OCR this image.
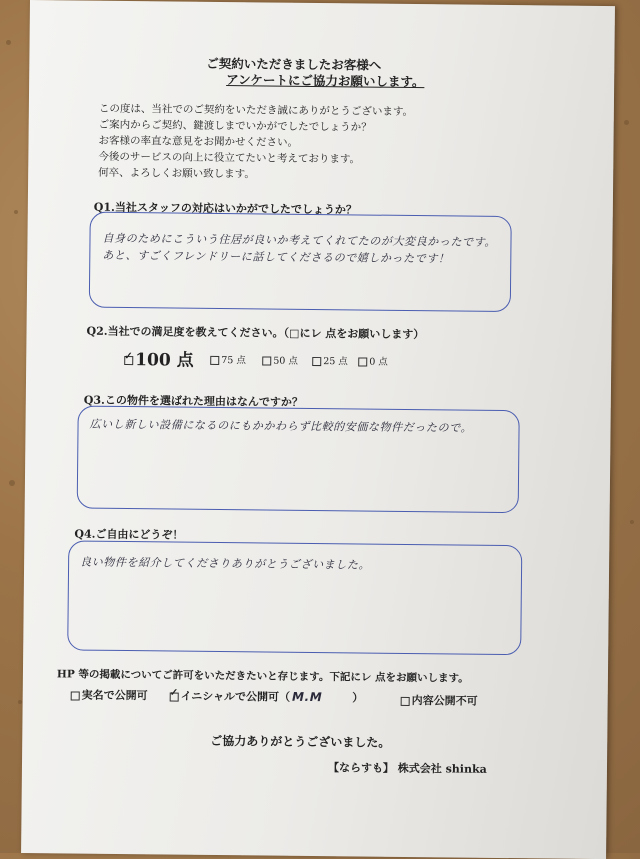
ご契約いただきましたお客様へ
アンケートにご協力お願いします。
この度は、当社でのご契約をいただき誠にありがとうございます。
ご案内からご契約、鍵渡しまでいかがでしたでしょうか？
お客様の率直な意見をお聞かせください。
今後のサービスの向上に役立てたいと考えております。
何卒、よろしくお願い致します。
Q1.当社スタッフの対応はいかがでしたでしょうか？
自身のためにこういう住居が良いか考えてくれてたのが大変良かったです。
あと、すごくフレンドリーに話してくださるので嬉しかったです！
Q2.当社での満足度を教えてください。（□にレ 点をお願いします）
✓100 点	75 点	50 点	25 点	0 点
Q3.この物件を選ばれた理由はなんですか？
広いし新しい設備になるのにもかかわらず比較的安価な物件だったので。
Q4.ご自由にどうぞ！
良い物件を紹介してくださりありがとうございました。
HP 等の掲載についてご許可をいただきたいと存じます。下記にレ 点をお願いします。
実名で公開可
✓	イニシャルで公開可（ M.M	）	内容公開不可
ご協力ありがとうございました。
【ならすも】 株式会社 shinka
